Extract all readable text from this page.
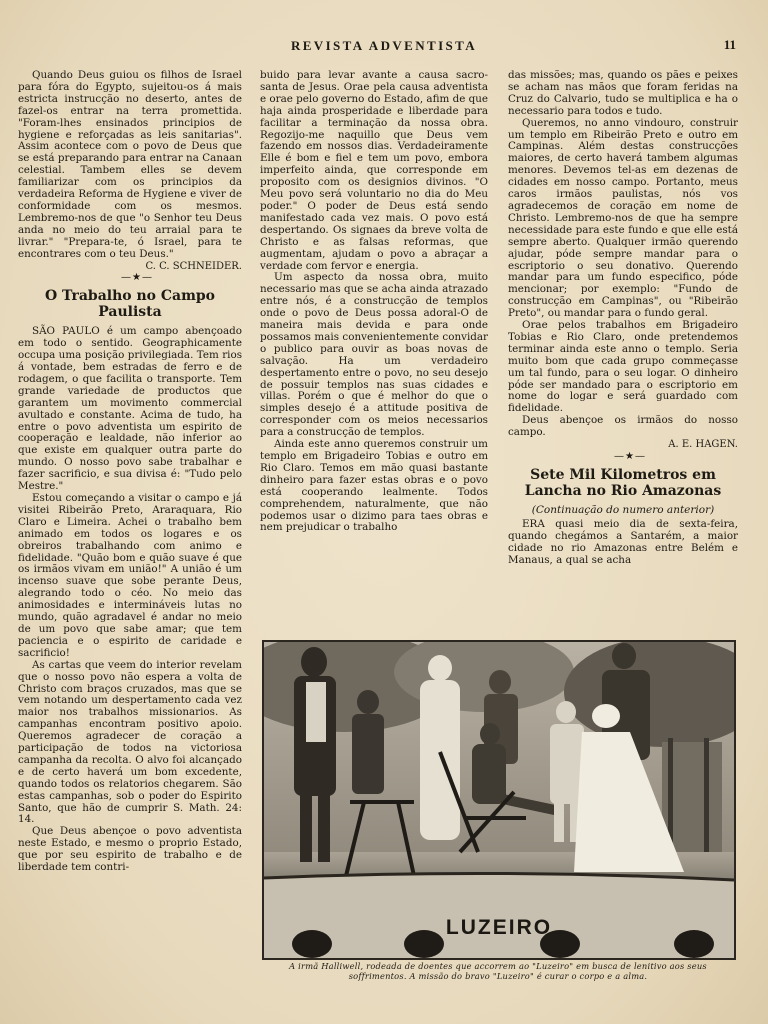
REVISTA ADVENTISTA	11

Quando Deus guiou os filhos de Israel para fóra do Egypto, sujeitou-os á mais estricta instrucção no deserto, antes de fazel-os entrar na terra promettida. "Foram-lhes ensinados principios de hygiene e reforçadas as leis sanitarias". Assim acontece com o povo de Deus que se está preparando para entrar na Canaan celestial. Tambem elles se devem familiarizar com os principios da verdadeira Reforma de Hygiene e viver de conformidade com os mesmos. Lembremo-nos de que "o Senhor teu Deus anda no meio do teu arraial para te livrar." "Prepara-te, ó Israel, para te encontrares com o teu Deus."

C. C. SCHNEIDER.

—★—

O Trabalho no Campo Paulista

SÃO PAULO é um campo abençoado em todo o sentido. Geographicamente occupa uma posição privilegiada. Tem rios á vontade, bem estradas de ferro e de rodagem, o que facilita o transporte. Tem grande variedade de productos que garantem um movimento commercial avultado e constante. Acima de tudo, ha entre o povo adventista um espirito de cooperação e lealdade, não inferior ao que existe em qualquer outra parte do mundo. O nosso povo sabe trabalhar e fazer sacrificio, e sua divisa é: "Tudo pelo Mestre."

Estou começando a visitar o campo e já visitei Ribeirão Preto, Araraquara, Rio Claro e Limeira. Achei o trabalho bem animado em todos os logares e os obreiros trabalhando com animo e fidelidade. "Quão bom e quão suave é que os irmãos vivam em união!" A união é um incenso suave que sobe perante Deus, alegrando todo o céo. No meio das animosidades e intermináveis lutas no mundo, quão agradavel é andar no meio de um povo que sabe amar; que tem paciencia e o espirito de caridade e sacrificio!

As cartas que veem do interior revelam que o nosso povo não espera a volta de Christo com braços cruzados, mas que se vem notando um despertamento cada vez maior nos trabalhos missionarios. As campanhas encontram positivo apoio. Queremos agradecer de coração a participação de todos na victoriosa campanha da recolta. O alvo foi alcançado e de certo haverá um bom excedente, quando todos os relatorios chegarem. São estas campanhas, sob o poder do Espirito Santo, que hão de cumprir S. Math. 24: 14.

Que Deus abençoe o povo adventista neste Estado, e mesmo o proprio Estado, que por seu espirito de trabalho e de liberdade tem contri-

buido para levar avante a causa sacro-santa de Jesus. Orae pela causa adventista e orae pelo governo do Estado, afim de que haja ainda prosperidade e liberdade para facilitar a terminação da nossa obra. Regozijo-me naquillo que Deus vem fazendo em nossos dias. Verdadeiramente Elle é bom e fiel e tem um povo, embora imperfeito ainda, que corresponde em proposito com os designios divinos. "O Meu povo será voluntario no dia do Meu poder." O poder de Deus está sendo manifestado cada vez mais. O povo está despertando. Os signaes da breve volta de Christo e as falsas reformas, que augmentam, ajudam o povo a abraçar a verdade com fervor e energia.

Um aspecto da nossa obra, muito necessario mas que se acha ainda atrazado entre nós, é a construcção de templos onde o povo de Deus possa adoral-O de maneira mais devida e para onde possamos mais convenientemente convidar o publico para ouvir as boas novas de salvação. Ha um verdadeiro despertamento entre o povo, no seu desejo de possuir templos nas suas cidades e villas. Porém o que é melhor do que o simples desejo é a attitude positiva de corresponder com os meios necessarios para a construcção de templos.

Ainda este anno queremos construir um templo em Brigadeiro Tobias e outro em Rio Claro. Temos em mão quasi bastante dinheiro para fazer estas obras e o povo está cooperando lealmente. Todos comprehendem, naturalmente, que não podemos usar o dizimo para taes obras e nem prejudicar o trabalho

das missões; mas, quando os pães e peixes se acham nas mãos que foram feridas na Cruz do Calvario, tudo se multiplica e ha o necessario para todos e tudo.

Queremos, no anno vindouro, construir um templo em Ribeirão Preto e outro em Campinas. Além destas construcções maiores, de certo haverá tambem algumas menores. Devemos tel-as em dezenas de cidades em nosso campo. Portanto, meus caros irmãos paulistas, nós vos agradecemos de coração em nome de Christo. Lembremo-nos de que ha sempre necessidade para este fundo e que elle está sempre aberto. Qualquer irmão querendo ajudar, póde sempre mandar para o escriptorio o seu donativo. Querendo mandar para um fundo especifico, póde mencionar; por exemplo: "Fundo de construcção em Campinas", ou "Ribeirão Preto", ou mandar para o fundo geral.

Orae pelos trabalhos em Brigadeiro Tobias e Rio Claro, onde pretendemos terminar ainda este anno o templo. Seria muito bom que cada grupo commeçasse um tal fundo, para o seu logar. O dinheiro póde ser mandado para o escriptorio em nome do logar e será guardado com fidelidade.

Deus abençoe os irmãos do nosso campo.

A. E. HAGEN.

—★—

Sete Mil Kilometros em Lancha no Rio Amazonas
(Continuação do numero anterior)

ERA quasi meio dia de sexta-feira, quando chegámos a Santarém, a maior cidade no rio Amazonas entre Belém e Manaus, a qual se acha

LUZEIRO
A irmã Halliwell, rodeada de doentes que accorrem ao "Luzeiro" em busca de lenitivo aos seus soffrimentos. A missão do bravo "Luzeiro" é curar o corpo e a alma.
